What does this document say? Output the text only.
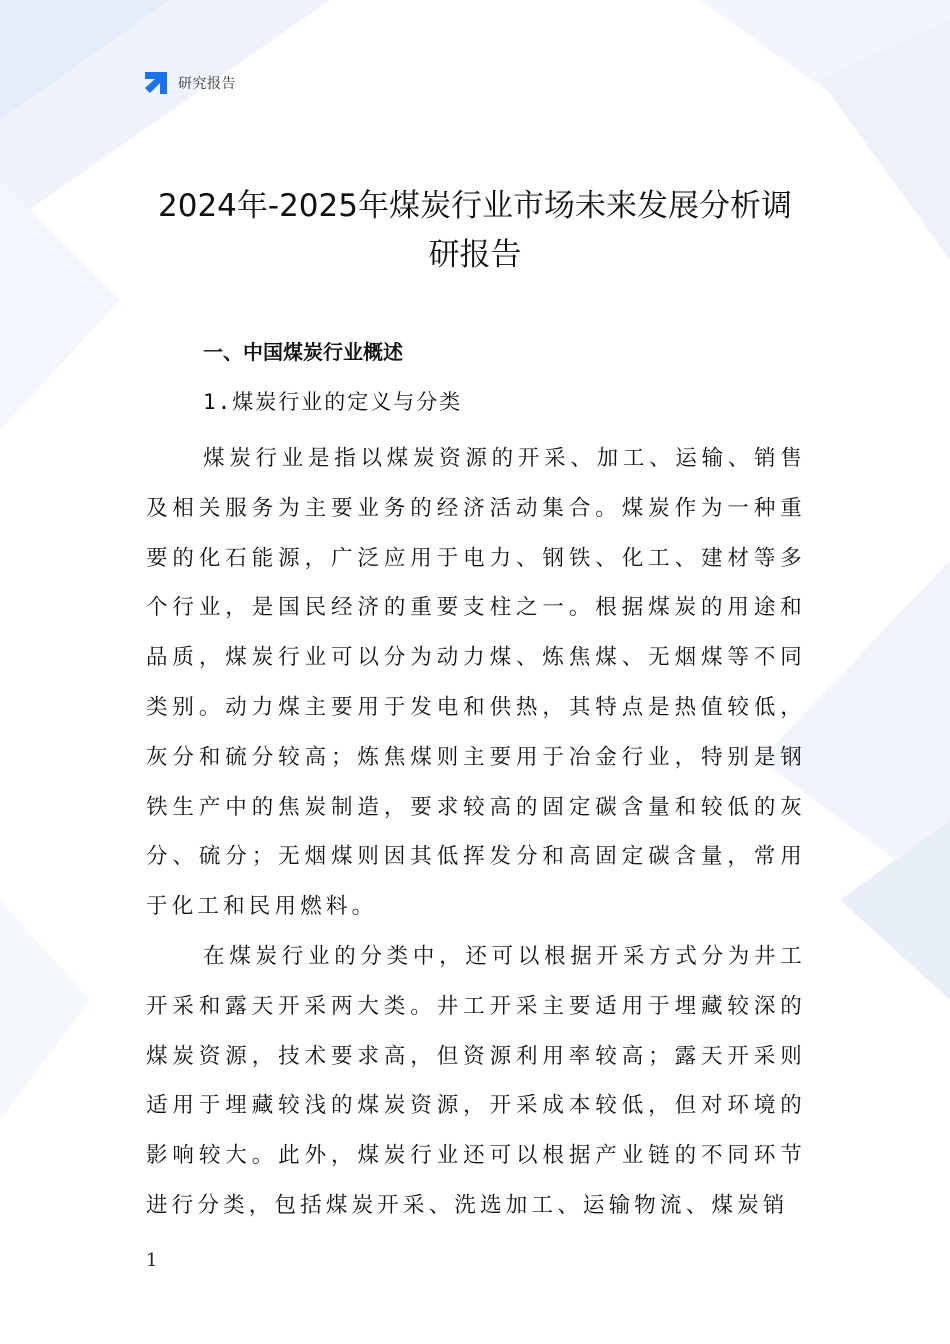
研究报告
2024年-2025年煤炭行业市场未来发展分析调
研报告

一、中国煤炭行业概述

1.煤炭行业的定义与分类

煤炭行业是指以煤炭资源的开采、加工、运输、销售及相关服务为主要业务的经济活动集合。煤炭作为一种重要的化石能源，广泛应用于电力、钢铁、化工、建材等多个行业，是国民经济的重要支柱之一。根据煤炭的用途和品质，煤炭行业可以分为动力煤、炼焦煤、无烟煤等不同类别。动力煤主要用于发电和供热，其特点是热值较低，灰分和硫分较高；炼焦煤则主要用于冶金行业，特别是钢铁生产中的焦炭制造，要求较高的固定碳含量和较低的灰分、硫分；无烟煤则因其低挥发分和高固定碳含量，常用于化工和民用燃料。

在煤炭行业的分类中，还可以根据开采方式分为井工开采和露天开采两大类。井工开采主要适用于埋藏较深的煤炭资源，技术要求高，但资源利用率较高；露天开采则适用于埋藏较浅的煤炭资源，开采成本较低，但对环境的影响较大。此外，煤炭行业还可以根据产业链的不同环节进行分类，包括煤炭开采、洗选加工、运输物流、煤炭销

1
